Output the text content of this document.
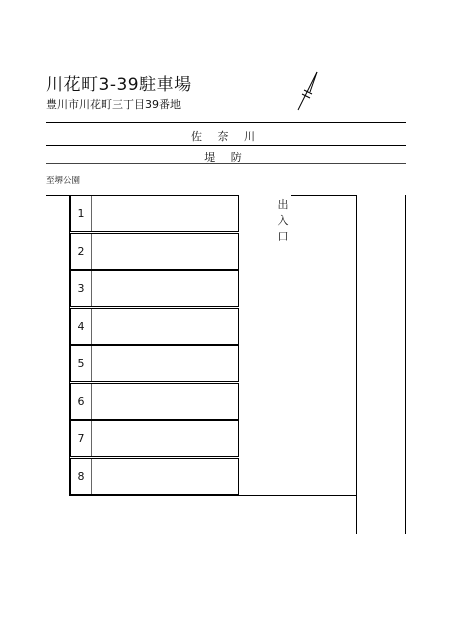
川花町3-39駐車場
豊川市川花町三丁目39番地
佐 奈 川
堤 防
至堺公園
出入口
1
2
3
4
5
6
7
8
